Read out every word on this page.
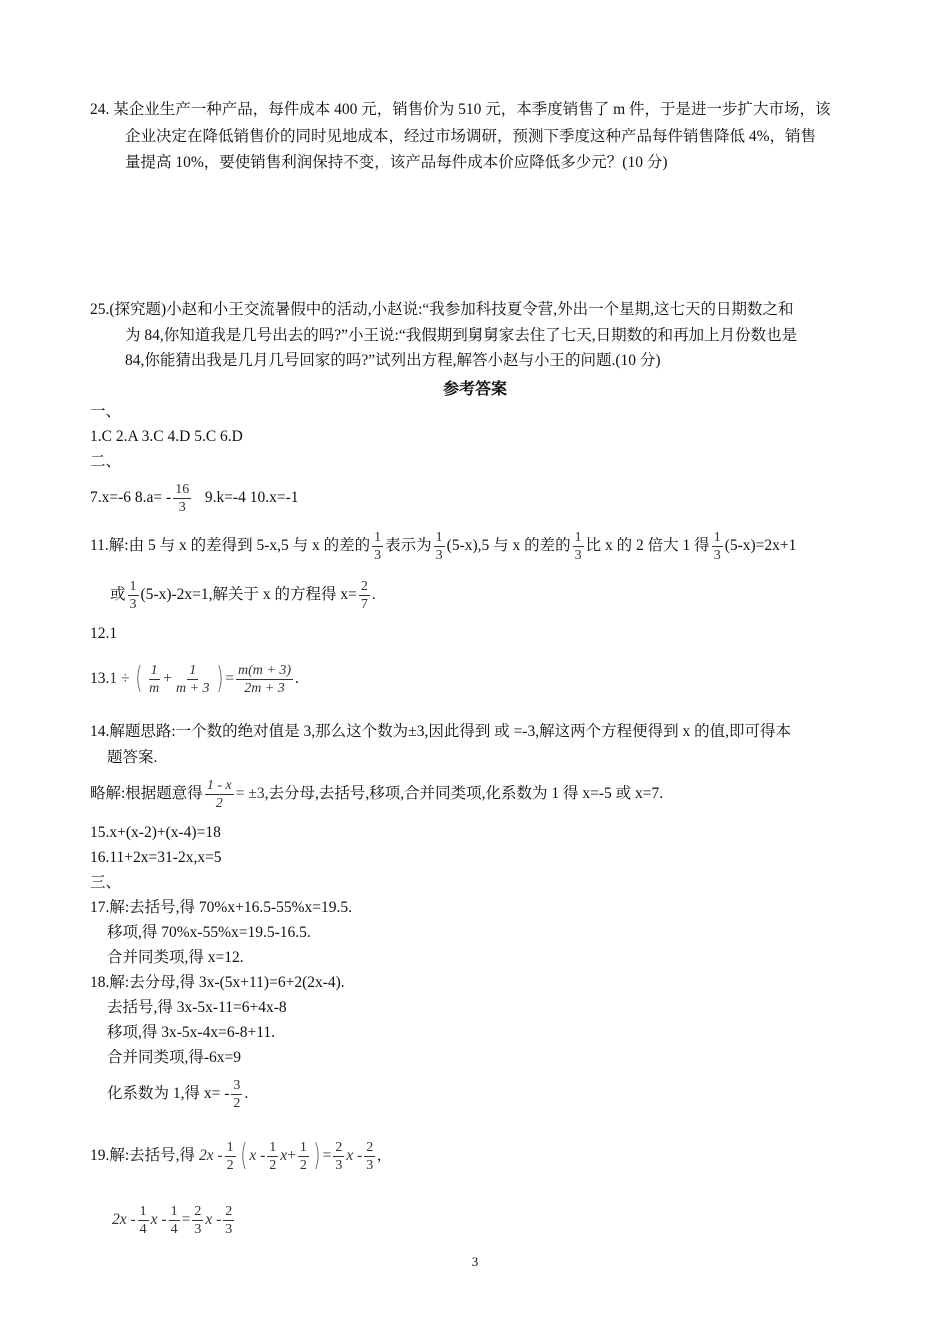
24. 某企业生产一种产品，每件成本 400 元，销售价为 510 元，本季度销售了 m 件，于是进一步扩大市场，该
企业决定在降低销售价的同时见地成本，经过市场调研，预测下季度这种产品每件销售降低 4%，销售
量提高 10%，要使销售利润保持不变，该产品每件成本价应降低多少元？(10 分)
25.(探究题)小赵和小王交流暑假中的活动,小赵说:“我参加科技夏令营,外出一个星期,这七天的日期数之和
为 84,你知道我是几号出去的吗?”小王说:“我假期到舅舅家去住了七天,日期数的和再加上月份数也是
84,你能猜出我是几月几号回家的吗?”试列出方程,解答小赵与小王的问题.(10 分)
参考答案
一、
1.C 2.A 3.C 4.D 5.C 6.D
二、
7.x=-6 $8.a= - \frac{16}{3} 9.k=-4$ 10.x=-1
11.解:由 5 与 x 的差得到 5-x,5 与 x 的差的 $\frac{1}{3}$ 表示为 $\frac{1}{3} (5-x),5$ 与 x 的差的 $\frac{1}{3}$ 比 x 的 2 倍大 1 得 $\frac{1}{3} (5-x)=2x+1$
或 $\frac{1}{3} (5-x)-2x=1$,解关于 x 的方程得 $x= \frac{2}{7}$ .
12.1
13.1 ÷ ( $\frac{1}{m} + \frac{1}{m + 3}$ ) = $\frac{m(m + 3)}{2m + 3}$ .
14.解题思路:一个数的绝对值是 3,那么这个数为±3,因此得到 或 =-3,解这两个方程便得到 x 的值,即可得本
题答案.
略解:根据题意得 $\frac{1 - x}{2} = \pm 3$,去分母,去括号,移项,合并同类项,化系数为 1 得 x=-5 或 x=7.
15.x+(x-2)+(x-4)=18
16.11+2x=31-2x,x=5
三、
17.解:去括号,得 70%x+16.5-55%x=19.5.
移项,得 70%x-55%x=19.5-16.5.
合并同类项,得 x=12.
18.解:去分母,得 3x-(5x+11)=6+2(2x-4).
去括号,得 3x-5x-11=6+4x-8
移项,得 3x-5x-4x=6-8+11.
合并同类项,得-6x=9
化系数为 1,得 $x= - \frac{3}{2}$ .
19.解:去括号,得 $2x - \frac{1}{2}$ ( $x - \frac{1}{2} x+ \frac{1}{2}$ ) = $\frac{2}{3}$ x - $\frac{2}{3}$ ,
$2x - \frac{1}{4}$ $x - \frac{1}{4} = \frac{2}{3}$ x - $\frac{2}{3}$
3
